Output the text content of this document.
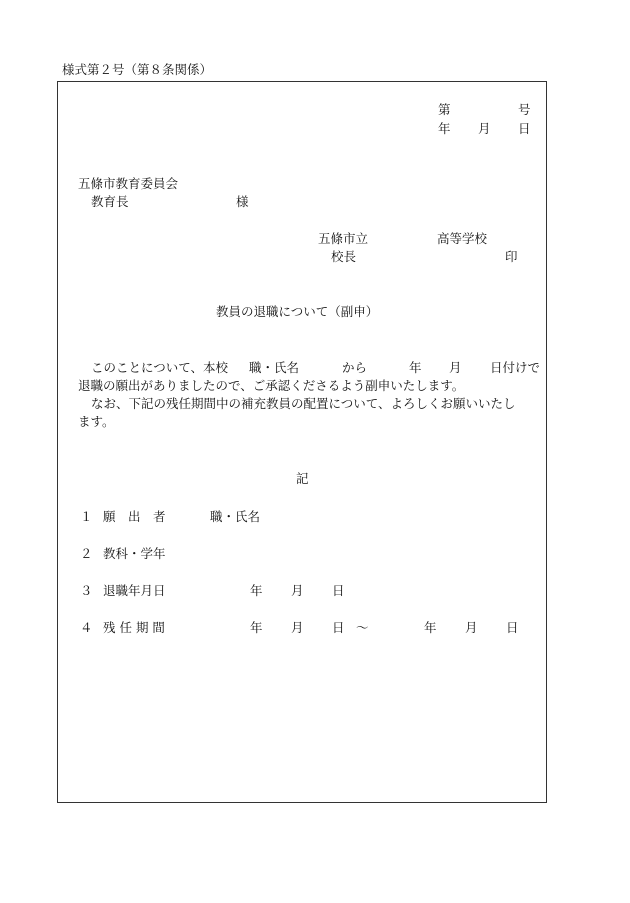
様式第２号（第８条関係）
第	号
年 月 日
五條市教育委員会
教育長	様
五條市立	高等学校
校長	印
教員の退職について（副申）
このことについて、本校 職・氏名	から	年 月 日付けで
退職の願出がありましたので、ご承認くださるよう副申いたします。
なお、下記の残任期間中の補充教員の配置について、よろしくお願いいたし
ます。
記
１ 願　出　者	職・氏名
２ 教科・学年
３ 退職年月日	年 月 日
４ 残 任 期 間	年 月 日 ～	年 月 日
